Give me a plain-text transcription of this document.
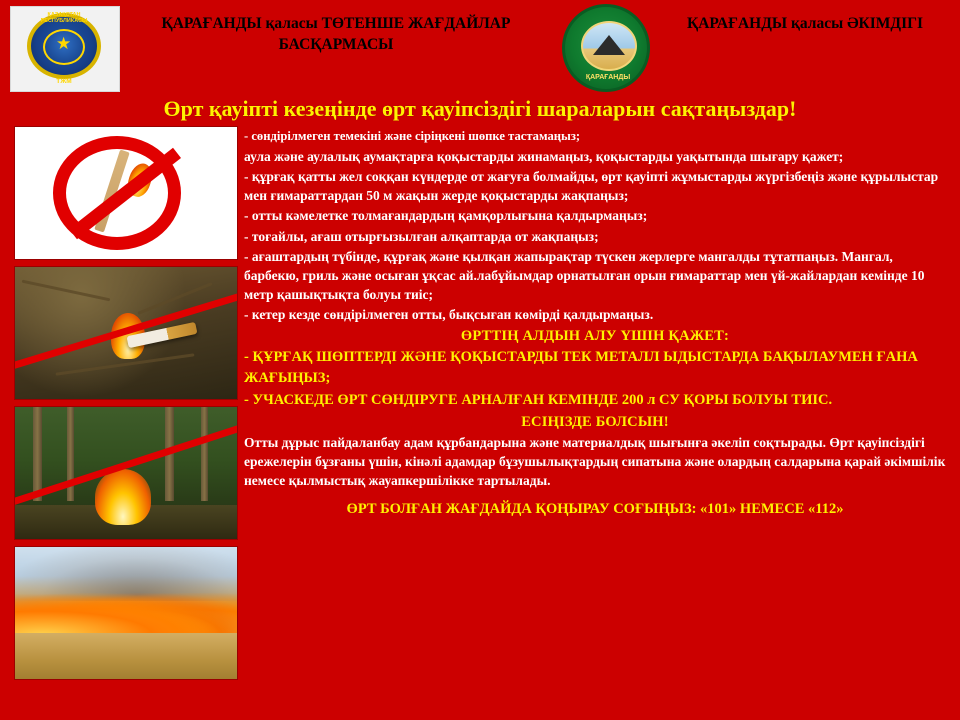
★
ҚАЗАҚСТАН РЕСПУБЛИКАСЫ
ТЖМ
ҚАРАҒАНДЫ қаласы ТӨТЕНШЕ ЖАҒДАЙЛАР БАСҚАРМАСЫ
ҚАРАҒАНДЫ
ҚАРАҒАНДЫ қаласы ӘКІМДІГІ
Өрт қауіпті кезеңінде өрт қауіпсіздігі шараларын сақтаңыздар!

- сөндірілмеген темекіні және сіріңкені шөпке тастамаңыз;

аула және аулалық аумақтарға қоқыстарды жинамаңыз, қоқыстарды уақытында шығару қажет;

- құрғақ қатты жел соққан күндерде от жағуға болмайды, өрт қауіпті жұмыстарды жүргізбеңіз және құрылыстар мен ғимараттардан 50 м жақын жерде қоқыстарды жақпаңыз;

- отты кәмелетке толмағандардың қамқорлығына қалдырмаңыз;

- тоғайлы, ағаш отырғызылған алқаптарда от жақпаңыз;

- ағаштардың түбінде, құрғақ және қылқан жапырақтар түскен жерлерге мангалды тұтатпаңыз. Мангал, барбекю, гриль және осыған ұқсас ай.лабұйымдар орнатылған орын ғимараттар мен үй-жайлардан кемінде 10 метр қашықтықта болуы тиіс;

- кетер кезде сөндірілмеген отты, бықсыған көмірді қалдырмаңыз.

ӨРТТІҢ АЛДЫН АЛУ ҮШІН ҚАЖЕТ:
- ҚҰРҒАҚ ШӨПТЕРДІ ЖӘНЕ ҚОҚЫСТАРДЫ ТЕК МЕТАЛЛ ЫДЫСТАРДА БАҚЫЛАУМЕН ҒАНА ЖАҒЫҢЫЗ;
- УЧАСКЕДЕ ӨРТ СӨНДІРУГЕ АРНАЛҒАН КЕМІНДЕ 200 л СУ ҚОРЫ БОЛУЫ ТИІС.
ЕСІҢІЗДЕ БОЛСЫН!

Отты дұрыс пайдаланбау адам құрбандарына және материалдық шығынға әкеліп соқтырады. Өрт қауіпсіздігі ережелерін бұзғаны үшін, кінәлі адамдар бұзушылықтардың сипатына және олардың салдарына қарай әкімшілік немесе қылмыстық жауапкершілікке тартылады.

ӨРТ БОЛҒАН ЖАҒДАЙДА ҚОҢЫРАУ СОҒЫҢЫЗ: «101» НЕМЕСЕ «112»
